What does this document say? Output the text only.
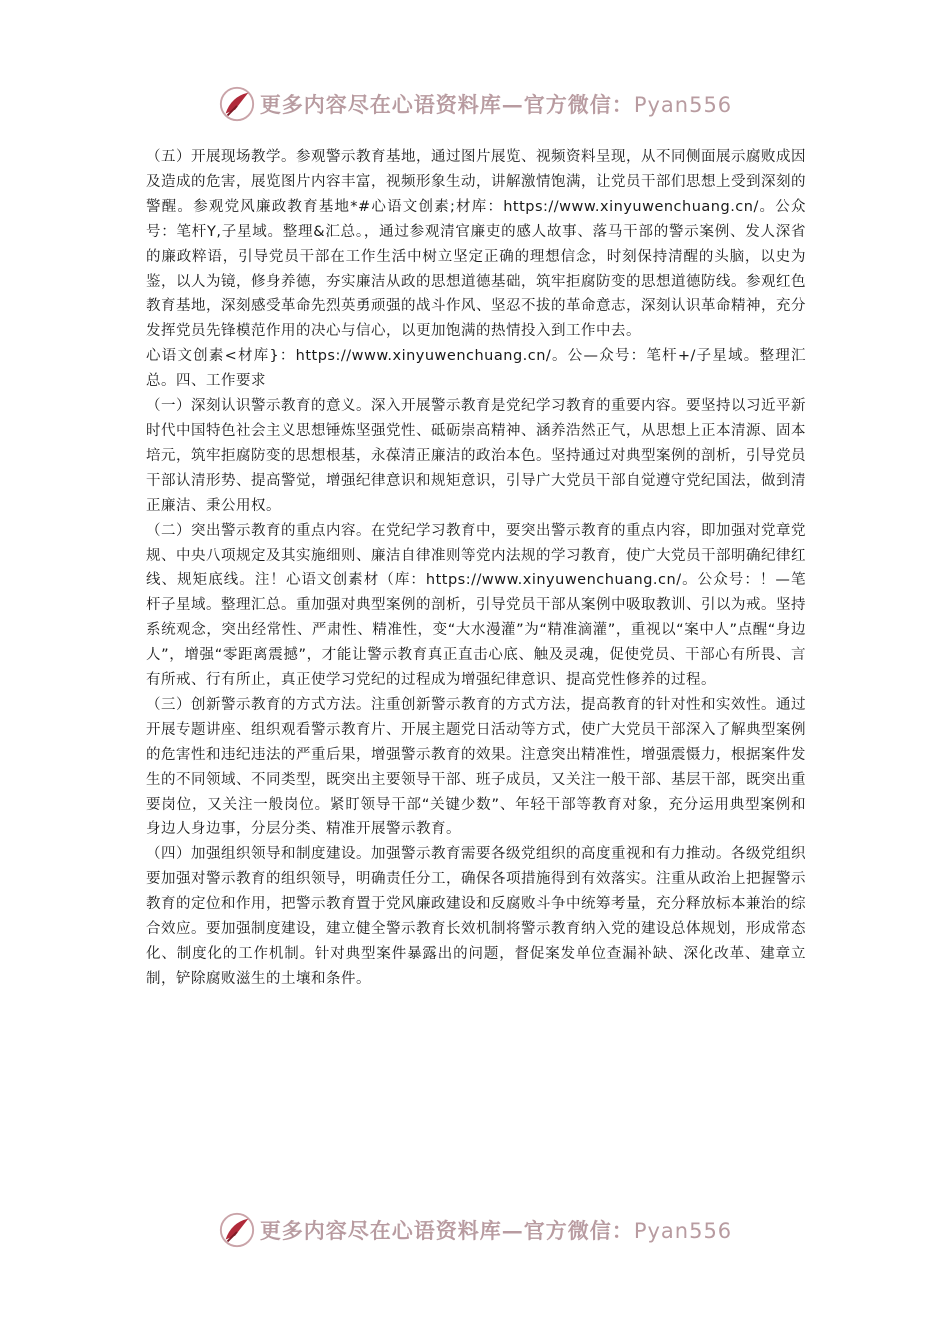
更多内容尽在心语资料库—官方微信：Pyan556

（五）开展现场教学。参观警示教育基地，通过图片展览、视频资料呈现，从不同侧面展示腐败成因及造成的危害，展览图片内容丰富，视频形象生动，讲解激情饱满，让党员干部们思想上受到深刻的警醒。参观党风廉政教育基地*#心语文创素;材库：https://www.xinyuwenchuang.cn/。公众号：笔杆Y,子星域。整理&汇总。，通过参观清官廉吏的感人故事、落马干部的警示案例、发人深省的廉政粹语，引导党员干部在工作生活中树立坚定正确的理想信念，时刻保持清醒的头脑，以史为鉴，以人为镜，修身养德，夯实廉洁从政的思想道德基础，筑牢拒腐防变的思想道德防线。参观红色教育基地，深刻感受革命先烈英勇顽强的战斗作风、坚忍不拔的革命意志，深刻认识革命精神，充分发挥党员先锋模范作用的决心与信心，以更加饱满的热情投入到工作中去。

心语文创素<材库}：https://www.xinyuwenchuang.cn/。公—众号：笔杆+/子星域。整理汇总。四、工作要求

（一）深刻认识警示教育的意义。深入开展警示教育是党纪学习教育的重要内容。要坚持以习近平新时代中国特色社会主义思想锤炼坚强党性、砥砺崇高精神、涵养浩然正气，从思想上正本清源、固本培元，筑牢拒腐防变的思想根基，永葆清正廉洁的政治本色。坚持通过对典型案例的剖析，引导党员干部认清形势、提高警觉，增强纪律意识和规矩意识，引导广大党员干部自觉遵守党纪国法，做到清正廉洁、秉公用权。

（二）突出警示教育的重点内容。在党纪学习教育中，要突出警示教育的重点内容，即加强对党章党规、中央八项规定及其实施细则、廉洁自律准则等党内法规的学习教育，使广大党员干部明确纪律红线、规矩底线。注！心语文创素材（库：https://www.xinyuwenchuang.cn/。公众号：！—笔杆子星域。整理汇总。重加强对典型案例的剖析，引导党员干部从案例中吸取教训、引以为戒。坚持系统观念，突出经常性、严肃性、精准性，变“大水漫灌”为“精准滴灌”，重视以“案中人”点醒“身边人”，增强“零距离震撼”，才能让警示教育真正直击心底、触及灵魂，促使党员、干部心有所畏、言有所戒、行有所止，真正使学习党纪的过程成为增强纪律意识、提高党性修养的过程。

（三）创新警示教育的方式方法。注重创新警示教育的方式方法，提高教育的针对性和实效性。通过开展专题讲座、组织观看警示教育片、开展主题党日活动等方式，使广大党员干部深入了解典型案例的危害性和违纪违法的严重后果，增强警示教育的效果。注意突出精准性，增强震慑力，根据案件发生的不同领域、不同类型，既突出主要领导干部、班子成员，又关注一般干部、基层干部，既突出重要岗位，又关注一般岗位。紧盯领导干部“关键少数”、年轻干部等教育对象，充分运用典型案例和身边人身边事，分层分类、精准开展警示教育。

（四）加强组织领导和制度建设。加强警示教育需要各级党组织的高度重视和有力推动。各级党组织要加强对警示教育的组织领导，明确责任分工，确保各项措施得到有效落实。注重从政治上把握警示教育的定位和作用，把警示教育置于党风廉政建设和反腐败斗争中统筹考量，充分释放标本兼治的综合效应。要加强制度建设，建立健全警示教育长效机制将警示教育纳入党的建设总体规划，形成常态化、制度化的工作机制。针对典型案件暴露出的问题，督促案发单位查漏补缺、深化改革、建章立制，铲除腐败滋生的土壤和条件。

更多内容尽在心语资料库—官方微信：Pyan556
